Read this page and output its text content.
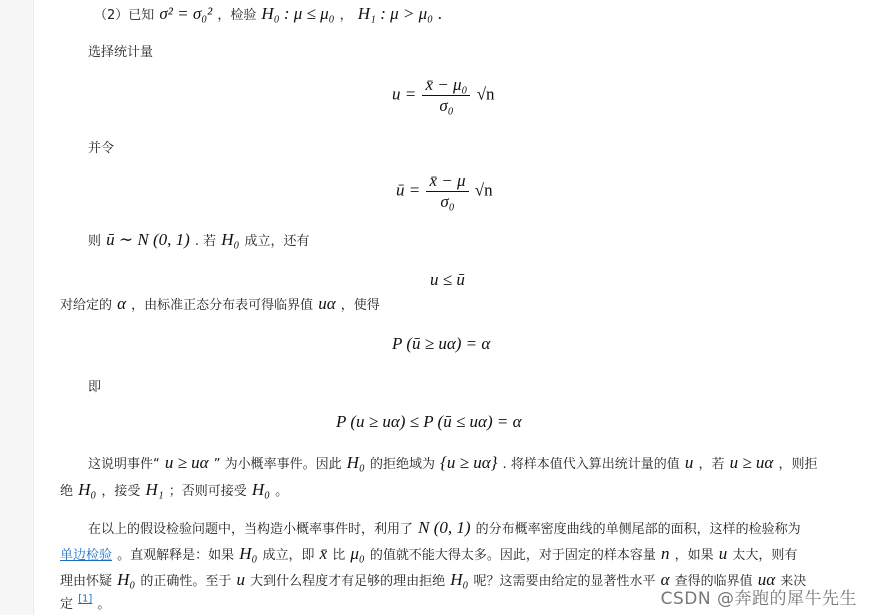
（2）已知 σ² = σ₀² ，检验 H₀ : μ ≤ μ₀ ， H₁ : μ > μ₀ .
选择统计量
$u = \frac{\text{x̄ − μ₀}}{\text{σ₀}} √n$
并令
ū = $\frac{x̄ - \mu}{\text{σ₀}} √n$
则 ū ∼ N (0, 1) . 若 H₀ 成立，还有
u ≤ ū
对给定的 α ，由标准正态分布表可得临界值 uα ，使得
P (ū ≥ uα) = α
即
P (u ≥ uα) ≤ P (ū ≤ uα) = α
这说明事件“ u ≥ uα ” 为小概率事件。因此 H₀ 的拒绝域为 {u ≥ uα} . 将样本值代入算出统计量的值 u ，若 u ≥ uα ，则拒
绝 H₀ ，接受 H₁ ；否则可接受 H₀ 。
在以上的假设检验问题中，当构造小概率事件时，利用了 N (0, 1) 的分布概率密度曲线的单侧尾部的面积，这样的检验称为
单边检验 。直观解释是：如果 H₀ 成立，即 x̄ 比 μ₀ 的值就不能大得太多。因此，对于固定的样本容量 n ，如果 u 太大，则有
理由怀疑 H₀ 的正确性。至于 u 大到什么程度才有足够的理由拒绝 H₀ 呢？这需要由给定的显著性水平 α 查得的临界值 uα 来决
定 [1] 。	CSDN @奔跑的犀牛先生
